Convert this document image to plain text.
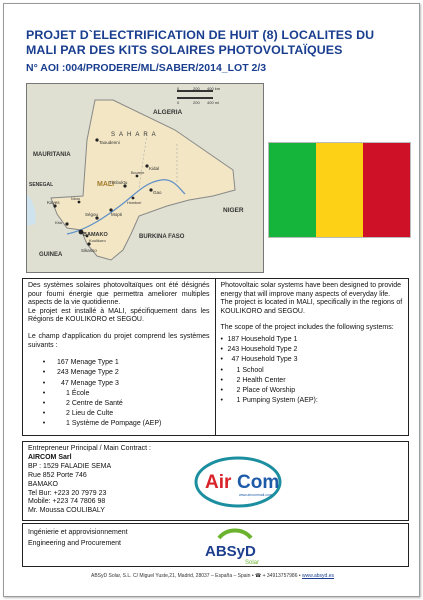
PROJET D`ELECTRIFICATION DE HUIT (8) LOCALITES DU MALI PAR DES KITS SOLAIRES PHOTOVOLTAÏQUES
N° AOI :004/PRODERE/ML/SABER/2014_LOT 2/3
0	200 400 km
0	200 400 mi
ALGERIA
MAURITANIA
NIGER
BURKINA FASO
GUINEA
SENEGAL	MALI
SAHARA
Taoudenni
Kidal
Timbuktu
Gao
Mopti
Ségou
BAMAKO
Kayes
Koulikoro
Sikasso
Kita
Bourem
Hombori
Nioro

Des systèmes solaires photovoltaïques ont été désignés pour fourni énergie que permettra ameliorer multiples aspects de la vie quotidienne.
Le projet est installé à MALI, spécifiquement dans les Régions de KOULIKORO et SEGOU.

Le champ d'application du projet comprend les systèmes suivants :

•	167 Menage Type 1
•	243 Menage Type 2
•	47 Menage Type 3
•	1 École
•	2 Centre de Santé
•	2 Lieu de Culte
•	1 Système de Pompage (AEP)

Photovoltaic solar systems have been designed to provide energy that will improve many aspects of everyday life. The project is located in MALI, specifically in the regions of KOULIKORO and SEGOU.

The scope of the project includes the following systems:

• 187 Household Type 1
• 243 Household Type 2
•	47 Household Type 3
•	1 School
•	2 Health Center
•	2 Place of Worship
•	1 Pumping System (AEP):
Entrepreneur Principal / Main Contract :
AIRCOM Sarl
BP : 1529 FALADIE SEMA
Rue 852 Porte 746
BAMAKO
Tel Bur: +223 20 7979 23
Mobile: +223 74 7806 98
Mr. Moussa COULIBALY
Air Com
www.aircommali.com
Ingénierie et approvisionnement
Engineering and Procurement	ABSyD
Solar
ABSyD Solar, S.L. C/ Miguel Yuste,21, Madrid, 28037 – España – Spain • ☎ + 34913757986 • www.absyd.es
